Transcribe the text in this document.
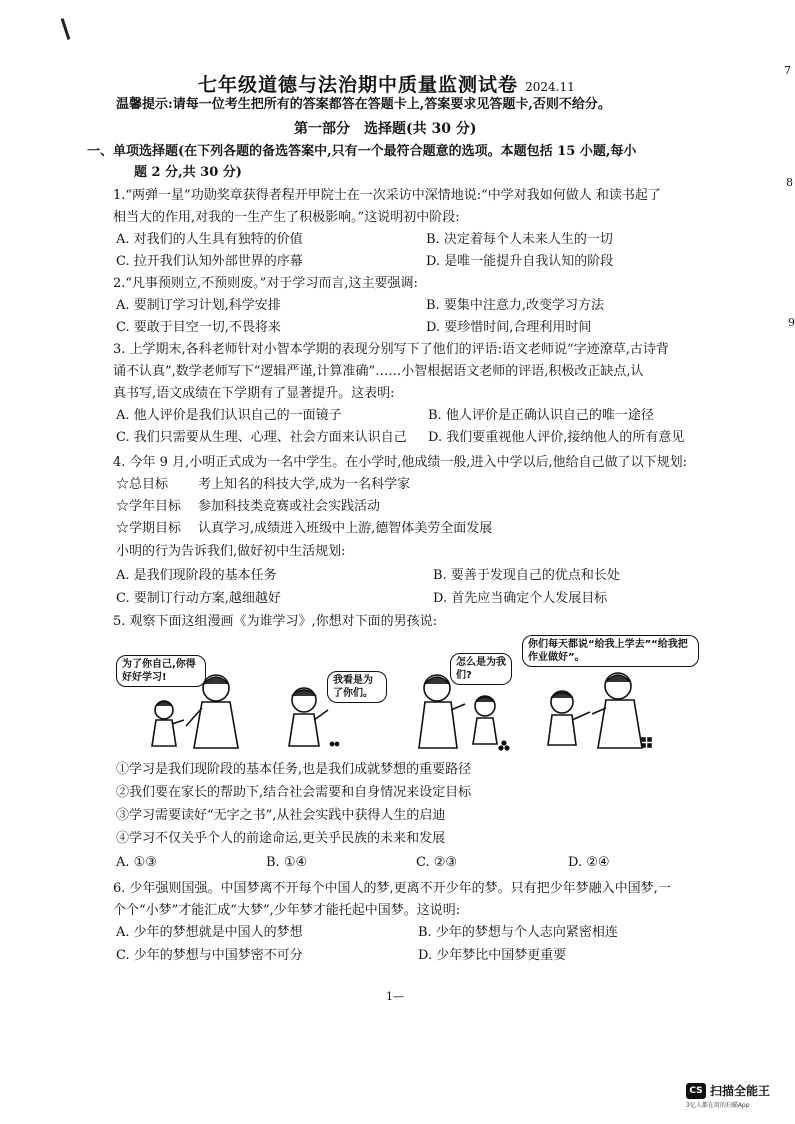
7
8
9
七年级道德与法治期中质量监测试卷 2024.11
温馨提示:请每一位考生把所有的答案都答在答题卡上,答案要求见答题卡,否则不给分。
第一部分　选择题(共 30 分)
一、单项选择题(在下列各题的备选答案中,只有一个最符合题意的选项。本题包括 15 小题,每小
题 2 分,共 30 分)
1.“两弹一星”功勋奖章获得者程开甲院士在一次采访中深情地说:“中学对我如何做人 和读书起了
相当大的作用,对我的一生产生了积极影响。”这说明初中阶段:
A. 对我们的人生具有独特的价值	B. 决定着每个人未来人生的一切
C. 拉开我们认知外部世界的序幕	D. 是唯一能提升自我认知的阶段
2.“凡事预则立,不预则废。”对于学习而言,这主要强调:
A. 要制订学习计划,科学安排	B. 要集中注意力,改变学习方法
C. 要敢于目空一切,不畏将来	D. 要珍惜时间,合理利用时间
3. 上学期末,各科老师针对小智本学期的表现分别写下了他们的评语:语文老师说“字迹潦草,古诗背
诵不认真”,数学老师写下“逻辑严谨,计算准确”……小智根据语文老师的评语,积极改正缺点,认
真书写,语文成绩在下学期有了显著提升。这表明:
A. 他人评价是我们认识自己的一面镜子	B. 他人评价是正确认识自己的唯一途径
C. 我们只需要从生理、心理、社会方面来认识自己 D. 我们要重视他人评价,接纳他人的所有意见
4. 今年 9 月,小明正式成为一名中学生。在小学时,他成绩一般,进入中学以后,他给自己做了以下规划:
☆总目标 考上知名的科技大学,成为一名科学家
☆学年目标 参加科技类竞赛或社会实践活动
☆学期目标 认真学习,成绩进入班级中上游,德智体美劳全面发展
小明的行为告诉我们,做好初中生活规划:
A. 是我们现阶段的基本任务	B. 要善于发现自己的优点和长处
C. 要制订行动方案,越细越好	D. 首先应当确定个人发展目标
5. 观察下面这组漫画《为谁学习》,你想对下面的男孩说:
为了你自己,你得好好学习!	我看是为了你们。
怎么是为我们?
你们每天都说“给我上学去”“给我把作业做好”。
①学习是我们现阶段的基本任务,也是我们成就梦想的重要路径
②我们要在家长的帮助下,结合社会需要和自身情况来设定目标
③学习需要读好“无字之书”,从社会实践中获得人生的启迪
④学习不仅关乎个人的前途命运,更关乎民族的未来和发展
A. ①③	B. ①④	C. ②③	D. ②④
6. 少年强则国强。中国梦离不开每个中国人的梦,更离不开少年的梦。只有把少年梦融入中国梦,一
个个“小梦”才能汇成“大梦”,少年梦才能托起中国梦。这说明:
A. 少年的梦想就是中国人的梦想	B. 少年的梦想与个人志向紧密相连
C. 少年的梦想与中国梦密不可分	D. 少年梦比中国梦更重要
1—
CS 扫描全能王
3亿人都在用的扫描App
